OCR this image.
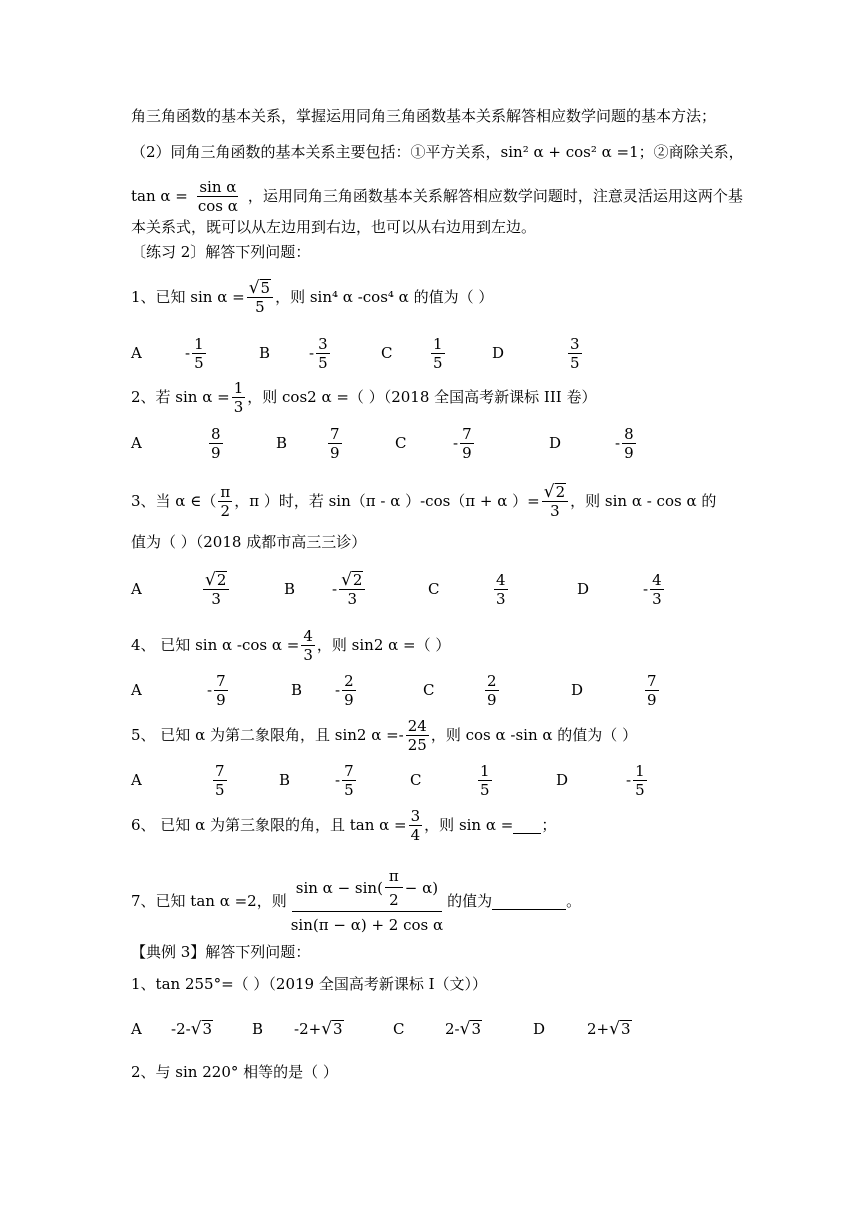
角三角函数的基本关系，掌握运用同角三角函数基本关系解答相应数学问题的基本方法；
（2）同角三角函数的基本关系主要包括：①平方关系，sin² α + cos² α =1；②商除关系，
$\tan \alpha = \frac{\text{sin α}}{\text{cos α}}$ ，运用同角三角函数基本关系解答相应数学问题时，注意灵活运用这两个基
本关系式，既可以从左边用到右边，也可以从右边用到左边。
〔练习 2〕解答下列问题：
1、已知 $\sin \alpha = \frac{√ 5}{5}$ ，则 sin⁴ α -cos⁴ α 的值为（ ）
A	- $\frac{1}{5}$	B	- $\frac{3}{5}$	C	$\frac{1}{5}$	D	$\frac{3}{5}$
2、若 $\sin \alpha = \frac{1}{3}$ ，则 cos2 α =（ ）（2018 全国高考新课标 III 卷）
A	$\frac{8}{9}$	B	$\frac{7}{9}$	C	- $\frac{7}{9}$	D	- $\frac{8}{9}$
3、当 α ∈（ $\frac{\pi}{2}$ ，π ）时，若 sin（π - α ）-cos（π + α ）= $\frac{√ 2}{3}$ ，则 sin α - cos α 的
值为（ ）（2018 成都市高三三诊）
A	$\frac{√ 2}{3}$	B	- $\frac{√ 2}{3}$	C	$\frac{4}{3}$	D	- $\frac{4}{3}$
4、 已知 sin α -cos $\alpha = \frac{4}{3}$ ，则 sin2 α =（ ）
A	- $\frac{7}{9}$	B	- $\frac{2}{9}$	C	$\frac{2}{9}$	D	$\frac{7}{9}$
5、 已知 α 为第二象限角，且 sin2 $\alpha =- \frac{24}{25}$ ，则 cos α -sin α 的值为（ ）
A	$\frac{7}{5}$	B	- $\frac{7}{5}$	C	$\frac{1}{5}$	D	- $\frac{1}{5}$
6、 已知 α 为第三象限的角，且 $\tan \alpha = \frac{3}{4}$ ，则 sin α = ；
7、已知 tan α =2，则 $\frac{\sin \alpha - \sin( \frac{\pi}{2} - \alpha)}{\text{sin(π − α) + 2 cos α}}$ 的值为	。
【典例 3】解答下列问题：
1、tan 255°=（ ）（2019 全国高考新课标 I（文））
A	-2- √ 3	B	-2+ √ 3	C	2- √ 3	D	2+ √ 3
2、与 sin 220° 相等的是（ ）
